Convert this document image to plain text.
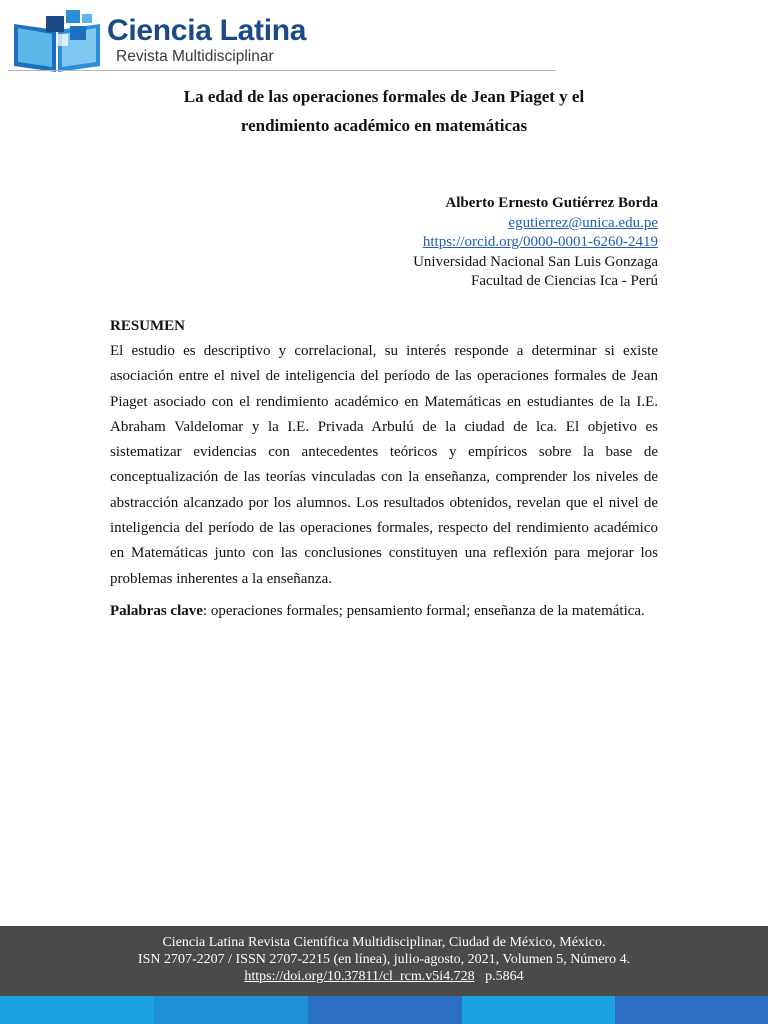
Ciencia Latina
Revista Multidisciplinar
La edad de las operaciones formales de Jean Piaget y el
rendimiento académico en matemáticas
Alberto Ernesto Gutiérrez Borda
egutierrez@unica.edu.pe
https://orcid.org/0000-0001-6260-2419
Universidad Nacional San Luis Gonzaga
Facultad de Ciencias Ica - Perú
RESUMEN
El estudio es descriptivo y correlacional, su interés responde a determinar si existe
asociación entre el nivel de inteligencia del período de las operaciones formales de Jean
Piaget asociado con el rendimiento académico en Matemáticas en estudiantes de la I.E.
Abraham Valdelomar y la I.E. Privada Arbulú de la ciudad de lca. El objetivo es
sistematizar evidencias con antecedentes teóricos y empíricos sobre la base de
conceptualización de las teorías vinculadas con la enseñanza, comprender los niveles de
abstracción alcanzado por los alumnos. Los resultados obtenidos, revelan que el nivel de
inteligencia del período de las operaciones formales, respecto del rendimiento académico
en Matemáticas junto con las conclusiones constituyen una reflexión para mejorar los
problemas inherentes a la enseñanza.
Palabras clave: operaciones formales; pensamiento formal; enseñanza de la matemática.
Ciencia Latina Revista Científica Multidisciplinar, Ciudad de México, México.
ISN 2707-2207 / ISSN 2707-2215 (en línea), julio-agosto, 2021, Volumen 5, Número 4.
https://doi.org/10.37811/cl_rcm.v5i4.728 p.5864
